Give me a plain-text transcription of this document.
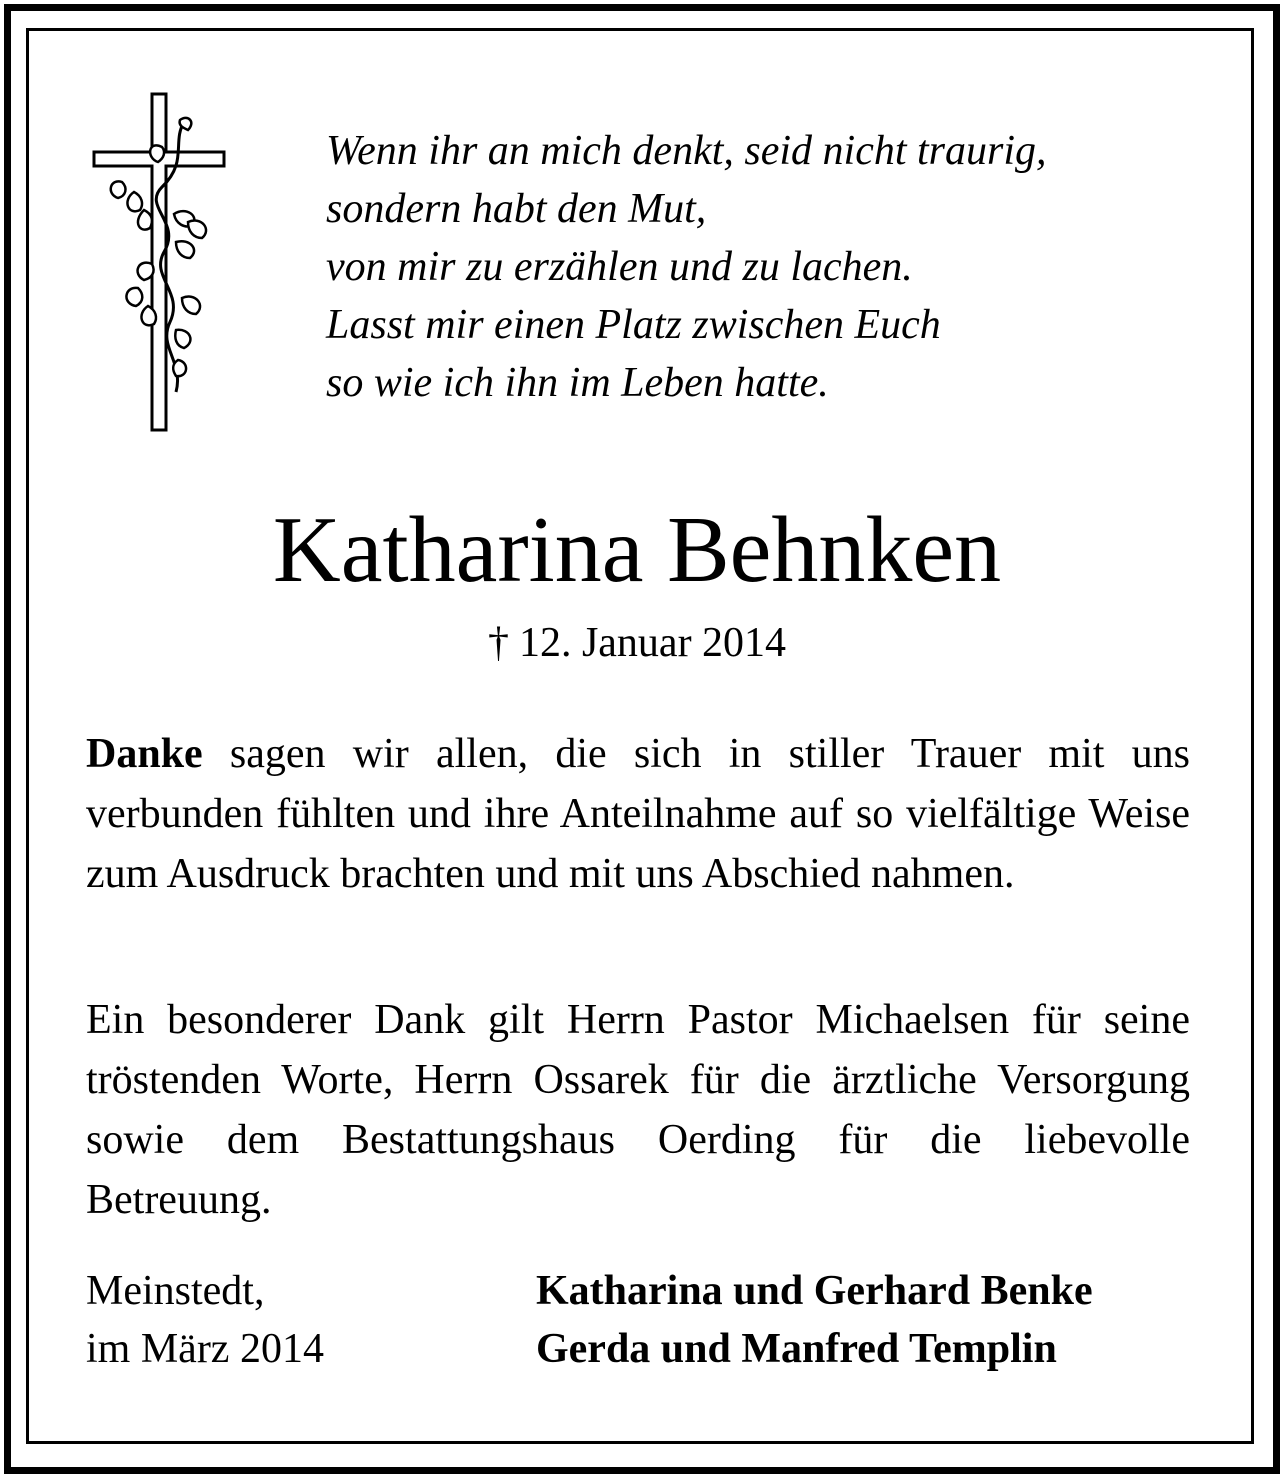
Wenn ihr an mich denkt, seid nicht traurig,
sondern habt den Mut,
von mir zu erzählen und zu lachen.
Lasst mir einen Platz zwischen Euch
so wie ich ihn im Leben hatte.
Katharina Behnken
† 12. Januar 2014

Danke sagen wir allen, die sich in stiller Trauer mit uns verbunden fühlten und ihre Anteilnahme auf so vielfältige Weise zum Ausdruck brachten und mit uns Abschied nahmen.

Ein besonderer Dank gilt Herrn Pastor Michaelsen für seine tröstenden Worte, Herrn Ossarek für die ärztliche Versorgung sowie dem Bestattungshaus Oerding für die liebevolle Betreuung.

Meinstedt,
im März 2014
Katharina und Gerhard Benke
Gerda und Manfred Templin
